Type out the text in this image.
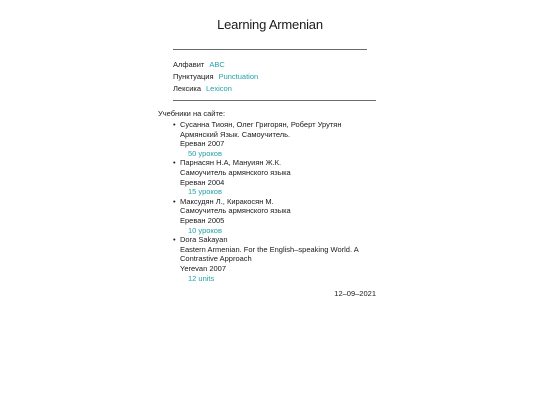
Learning Armenian
Алфавит ABC
Пунктуация Punctuation
Лексика Lexicon
Учебники на сайте:
• Сусанна Тиоян, Олег Григорян, Роберт Урутян
Армянский Язык. Самоучитель.
Ереван 2007

50 уроков
• Парнасян Н.А, Мануиян Ж.К.
Самоучитель армянского языка
Ереван 2004

15 уроков
• Максудян Л., Киракосян М.
Самоучитель армянского языка
Ереван 2005

10 уроков
• Dora Sakayan
Eastern Armenian. For the English–speaking World. A Contrastive Approach
Yerevan 2007

12 units
12–09–2021
